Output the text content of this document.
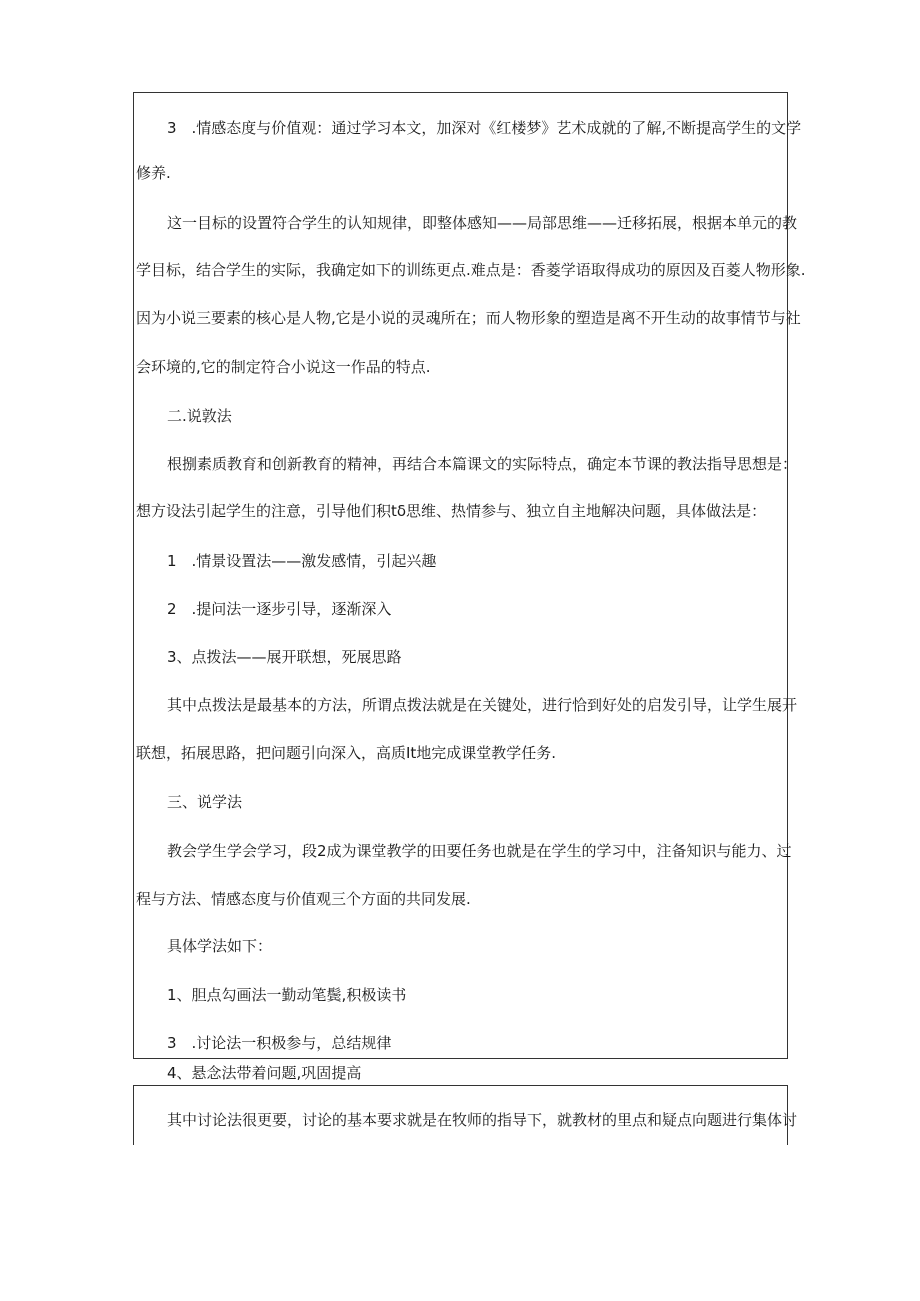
3　.情感态度与价值观：通过学习本文，加深对《红楼梦》艺术成就的了解,不断提高学生的文学
修养.
这一目标的设置符合学生的认知规律，即整体感知——局部思维——迁移拓展，根据本单元的教
学目标，结合学生的实际，我确定如下的训练更点.难点是：香菱学语取得成功的原因及百菱人物形象.
因为小说三要素的核心是人物,它是小说的灵魂所在；而人物形象的塑造是离不开生动的故事情节与社
会环境的,它的制定符合小说这一作品的特点.
二.说敦法
根捌素质教育和创新教育的精神，再结合本篇课文的实际特点，确定本节课的教法指导思想是：
想方设法引起学生的注意，引导他们积tδ思维、热情参与、独立自主地解决问题，具体做法是：
1　.情景设置法——激发感情，引起兴趣
2　.提问法一逐步引导，逐渐深入
3、点拨法——展开联想，死展思路
其中点拨法是最基本的方法，所谓点拨法就是在关键处，进行恰到好处的启发引导，让学生展开
联想，拓展思路，把问题引向深入，高质It地完成课堂教学任务.
三、说学法
教会学生学会学习，段2成为课堂教学的田要任务也就是在学生的学习中，注备知识与能力、过
程与方法、情感态度与价值观三个方面的共同发展.
具体学法如下：
1、胆点勾画法一勤动笔鬓,积极读书
3　.讨论法一积极参与，总结规律
4、悬念法带着问题,巩固提高
其中讨论法很更要，讨论的基本要求就是在牧师的指导下，就教材的里点和疑点向题进行集体讨
